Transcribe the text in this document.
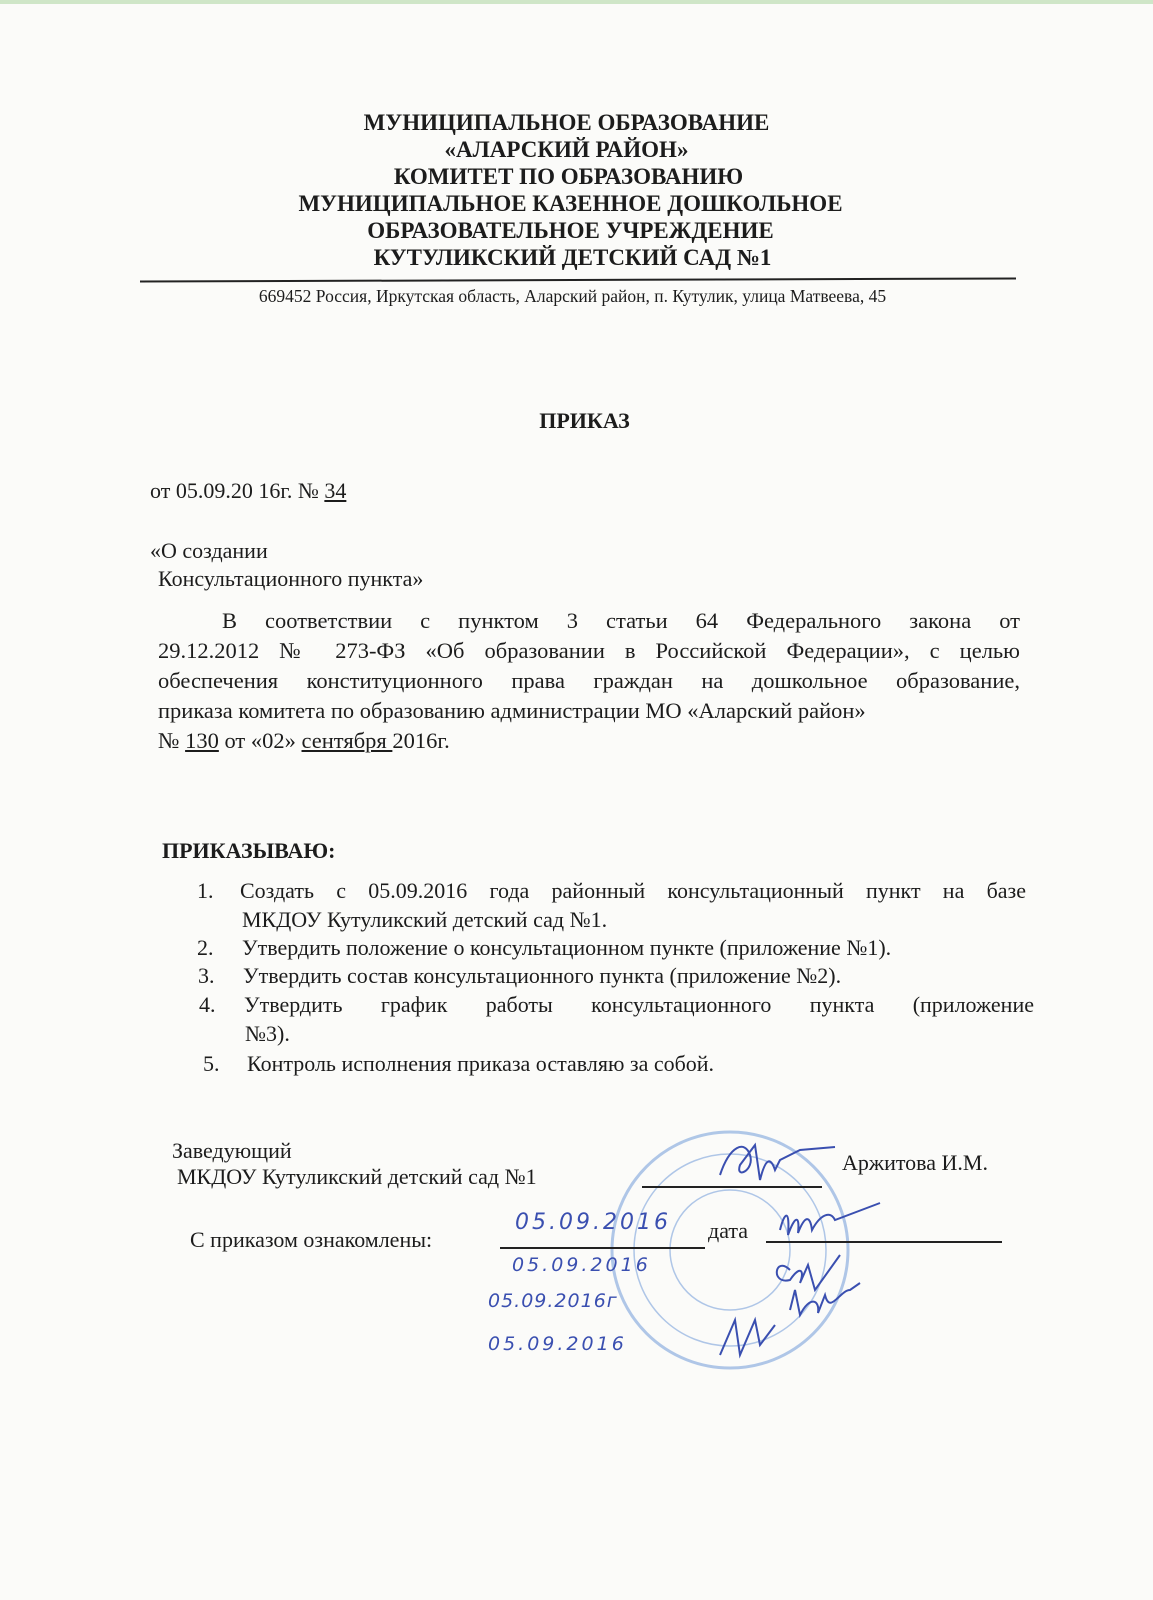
МУНИЦИПАЛЬНОЕ ОБРАЗОВАНИЕ
«АЛАРСКИЙ РАЙОН»
КОМИТЕТ ПО ОБРАЗОВАНИЮ
МУНИЦИПАЛЬНОЕ КАЗЕННОЕ ДОШКОЛЬНОЕ
ОБРАЗОВАТЕЛЬНОЕ УЧРЕЖДЕНИЕ
КУТУЛИКСКИЙ ДЕТСКИЙ САД №1
669452 Россия, Иркутская область, Аларский район, п. Кутулик, улица Матвеева, 45
ПРИКАЗ
от 05.09.20 16г. № 34
«О создании
Консультационного пункта»
В соответствии с пунктом 3 статьи 64 Федерального закона от
29.12.2012 № 273-ФЗ «Об образовании в Российской Федерации», с целью
обеспечения конституционного права граждан на дошкольное образование,
приказа комитета по образованию администрации МО «Аларский район»
№ 130 от «02» сентября 2016г.
ПРИКАЗЫВАЮ:
1. Создать с 05.09.2016 года районный консультационный пункт на базе
МКДОУ Кутуликский детский сад №1.
2. Утвердить положение о консультационном пункте (приложение №1).
3. Утвердить состав консультационного пункта (приложение №2).
4. Утвердить график работы консультационного пункта (приложение
№3).
5. Контроль исполнения приказа оставляю за собой.
Заведующий
МКДОУ Кутуликский детский сад №1
Аржитова И.М.
С приказом ознакомлены:
05.09.2016 дата
05.09.2016
05.09.2016г
05.09.2016
